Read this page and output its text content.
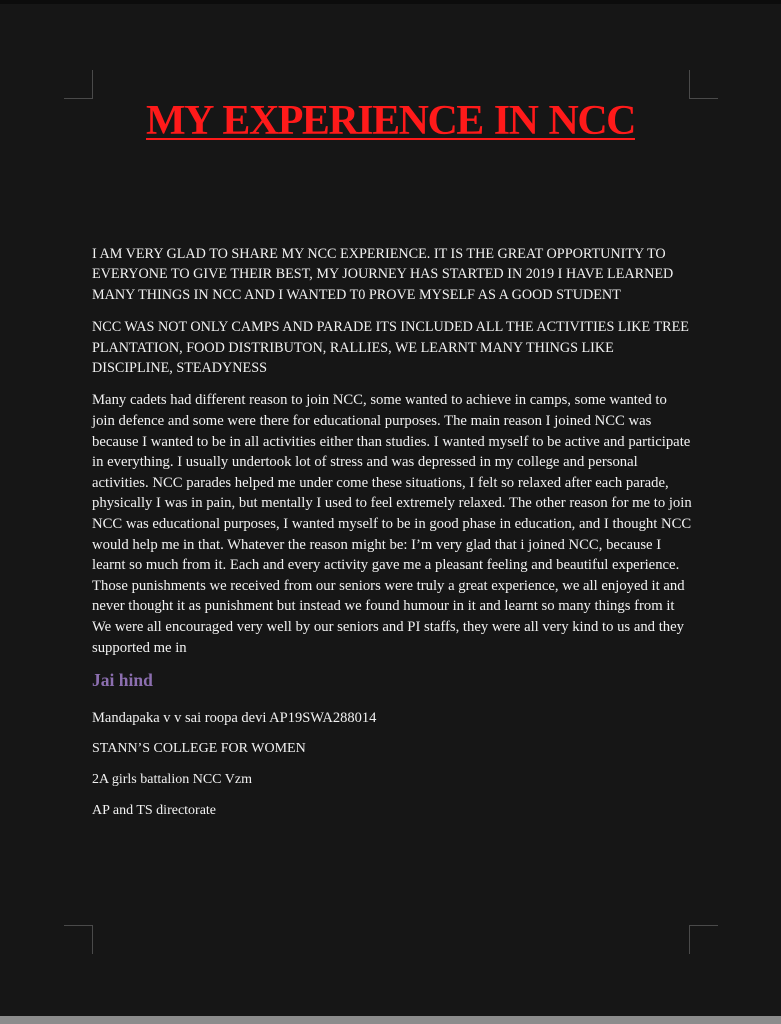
MY EXPERIENCE IN NCC

I AM VERY GLAD TO SHARE MY NCC EXPERIENCE. IT IS THE GREAT OPPORTUNITY TO EVERYONE TO GIVE THEIR BEST, MY JOURNEY HAS STARTED IN 2019 I HAVE LEARNED MANY THINGS IN NCC AND I WANTED T0 PROVE MYSELF AS A GOOD STUDENT

NCC WAS NOT ONLY CAMPS AND PARADE ITS INCLUDED ALL THE ACTIVITIES LIKE TREE PLANTATION, FOOD DISTRIBUTON, RALLIES, WE LEARNT MANY THINGS LIKE DISCIPLINE, STEADYNESS

Many cadets had different reason to join NCC, some wanted to achieve in camps, some wanted to join defence and some were there for educational purposes. The main reason I joined NCC was because I wanted to be in all activities either than studies. I wanted myself to be active and participate in everything. I usually undertook lot of stress and was depressed in my college and personal activities. NCC parades helped me under come these situations, I felt so relaxed after each parade, physically I was in pain, but mentally I used to feel extremely relaxed. The other reason for me to join NCC was educational purposes, I wanted myself to be in good phase in education, and I thought NCC would help me in that. Whatever the reason might be: I’m very glad that i joined NCC, because I learnt so much from it. Each and every activity gave me a pleasant feeling and beautiful experience. Those punishments we received from our seniors were truly a great experience, we all enjoyed it and never thought it as punishment but instead we found humour in it and learnt so many things from it We were all encouraged very well by our seniors and PI staffs, they were all very kind to us and they supported me in

Jai hind

Mandapaka v v sai roopa devi AP19SWA288014

STANN’S COLLEGE FOR WOMEN

2A girls battalion NCC Vzm

AP and TS directorate
